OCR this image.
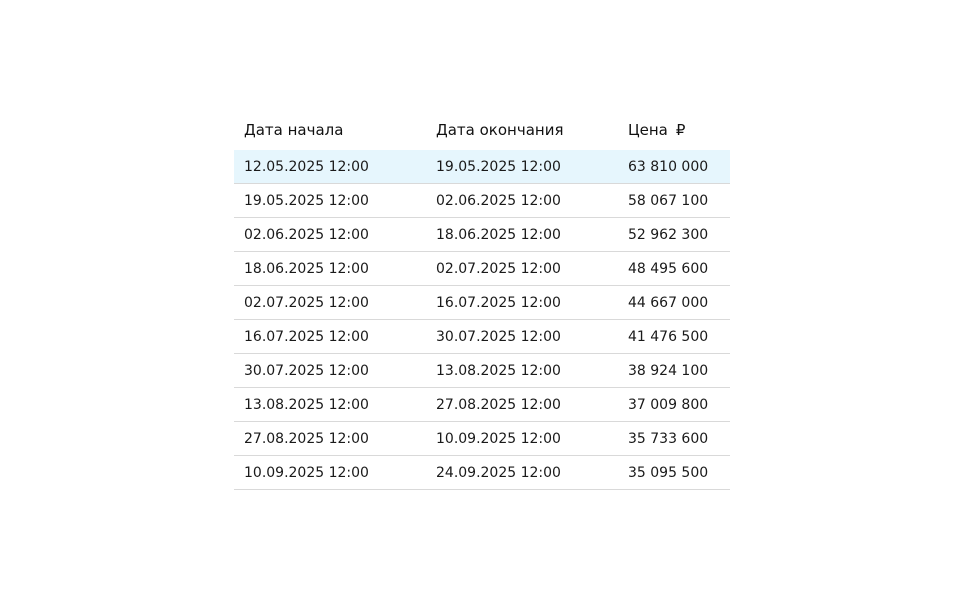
Дата начала	Дата окончания	Цена ₽
12.05.2025 12:00	19.05.2025 12:00	63 810 000
19.05.2025 12:00	02.06.2025 12:00	58 067 100
02.06.2025 12:00	18.06.2025 12:00	52 962 300
18.06.2025 12:00	02.07.2025 12:00	48 495 600
02.07.2025 12:00	16.07.2025 12:00	44 667 000
16.07.2025 12:00	30.07.2025 12:00	41 476 500
30.07.2025 12:00	13.08.2025 12:00	38 924 100
13.08.2025 12:00	27.08.2025 12:00	37 009 800
27.08.2025 12:00	10.09.2025 12:00	35 733 600
10.09.2025 12:00	24.09.2025 12:00	35 095 500
